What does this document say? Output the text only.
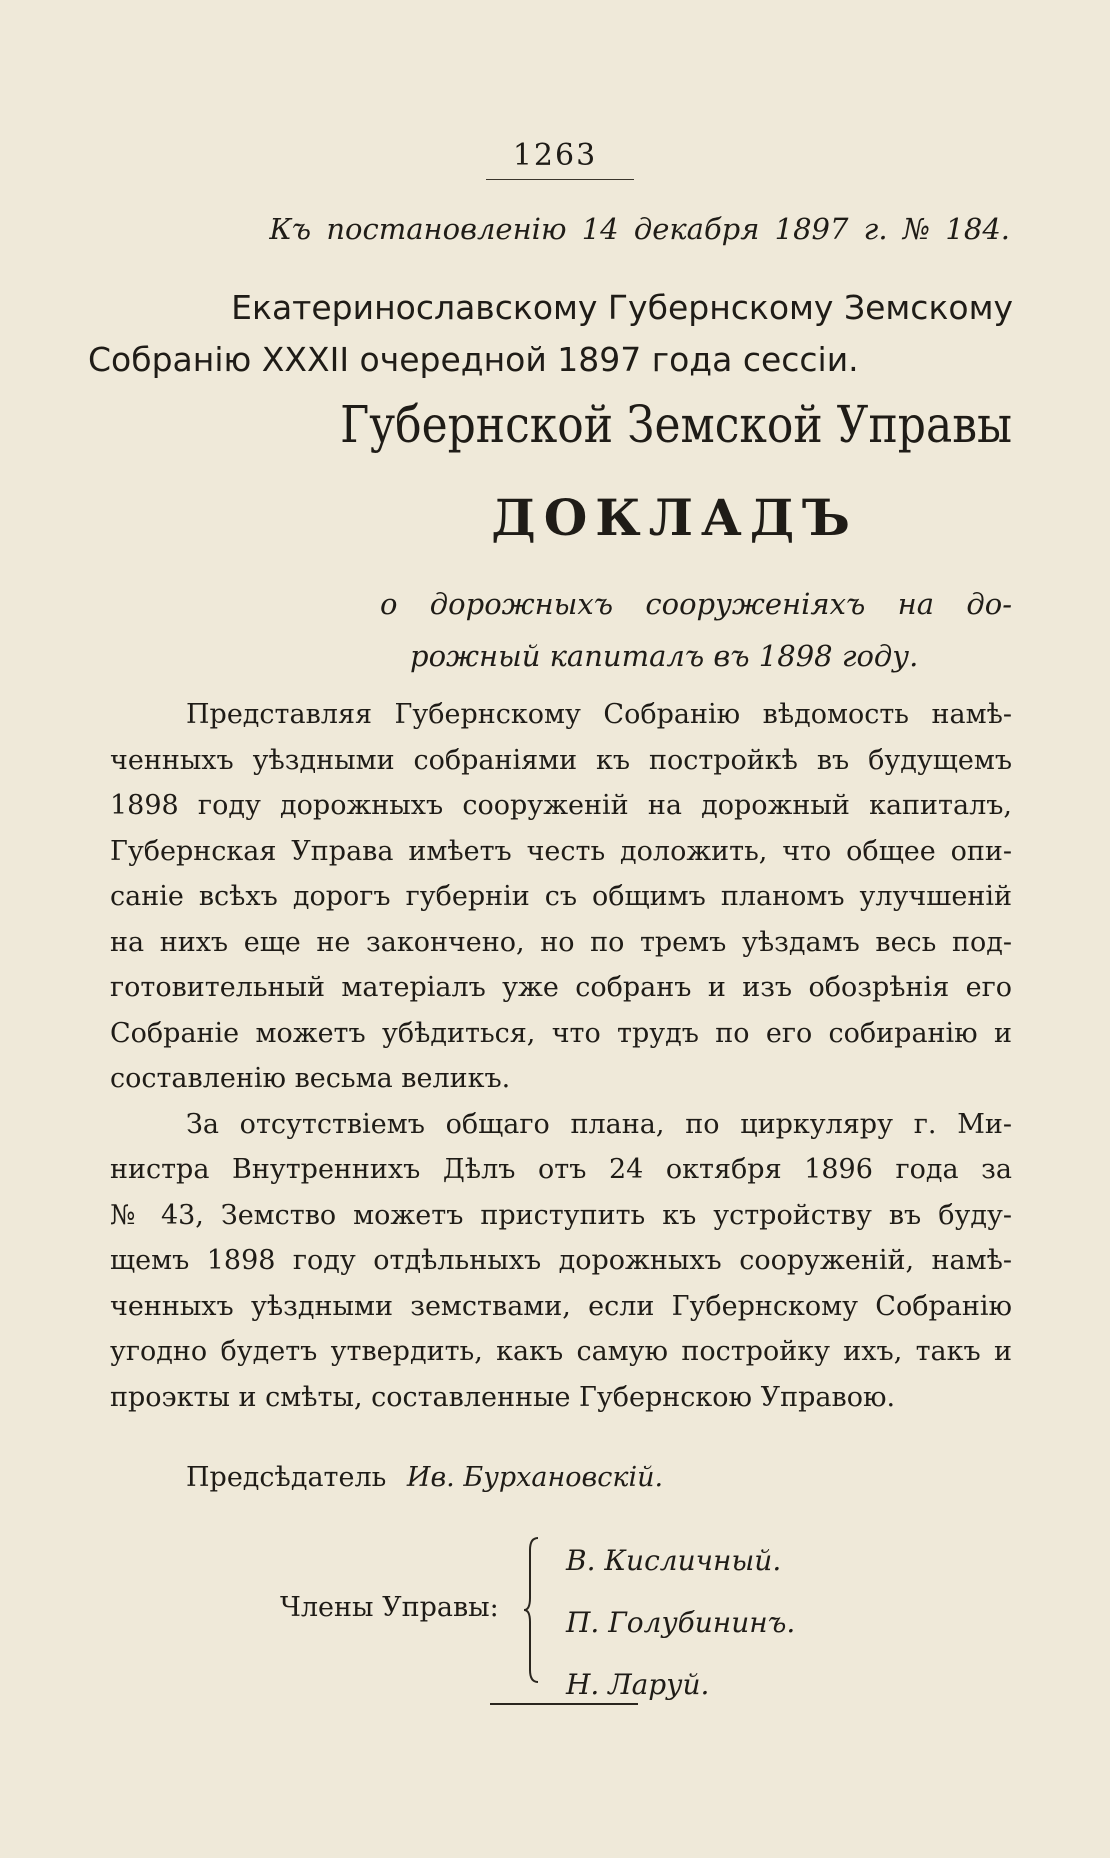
1263
Къ постановленію 14 декабря 1897 г. № 184.
Екатеринославскому Губернскому Земскому
Собранію XXXII очередной 1897 года сессіи.
Губернской Земской Управы
ДОКЛАДЪ
о дорожныхъ сооруженіяхъ на до-
рожный капиталъ въ 1898 году.
Представляя Губернскому Собранію вѣдомость намѣ-
ченныхъ уѣздными собраніями къ постройкѣ въ будущемъ
1898 году дорожныхъ сооруженій на дорожный капиталъ,
Губернская Управа имѣетъ честь доложить, что общее опи-
саніе всѣхъ дорогъ губерніи съ общимъ планомъ улучшеній
на нихъ еще не закончено, но по тремъ уѣздамъ весь под-
готовительный матеріалъ уже собранъ и изъ обозрѣнія его
Собраніе можетъ убѣдиться, что трудъ по его собиранію и
составленію весьма великъ.
За отсутствіемъ общаго плана, по циркуляру г. Ми-
нистра Внутреннихъ Дѣлъ отъ 24 октября 1896 года за
№ 43, Земство можетъ приступить къ устройству въ буду-
щемъ 1898 году отдѣльныхъ дорожныхъ сооруженій, намѣ-
ченныхъ уѣздными земствами, если Губернскому Собранію
угодно будетъ утвердить, какъ самую постройку ихъ, такъ и
проэкты и смѣты, составленные Губернскою Управою.
Предсѣдатель Ив. Бурхановскій.
Члены Управы:
В. Кисличный.
П. Голубининъ.
Н. Ларуй.
